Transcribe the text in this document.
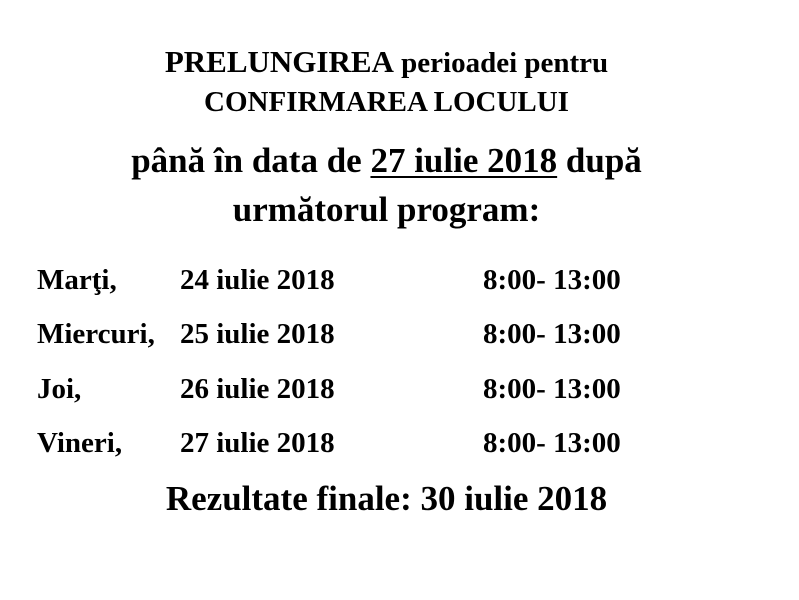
PRELUNGIREA perioadei pentru
CONFIRMAREA LOCULUI
până în data de 27 iulie 2018 după
următorul program:
Marţi, 24 iulie 2018	8:00- 13:00
Miercuri, 25 iulie 2018	8:00- 13:00
Joi,	26 iulie 2018	8:00- 13:00
Vineri, 27 iulie 2018	8:00- 13:00
Rezultate finale: 30 iulie 2018
